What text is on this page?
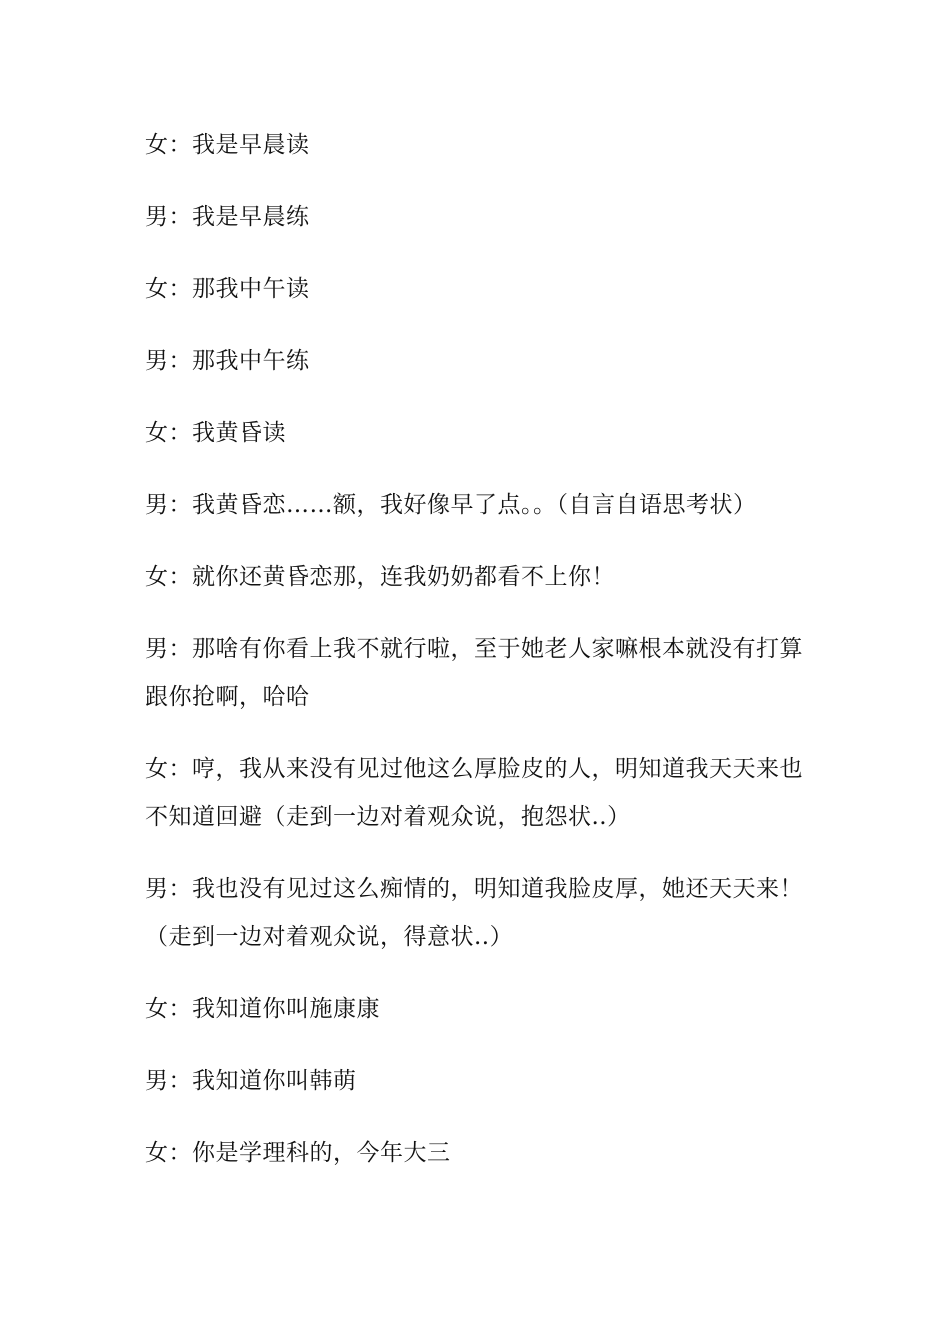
女：我是早晨读

男：我是早晨练

女：那我中午读

男：那我中午练

女：我黄昏读

男：我黄昏恋……额，我好像早了点。。（自言自语思考状）

女：就你还黄昏恋那，连我奶奶都看不上你！

男：那啥有你看上我不就行啦，至于她老人家嘛根本就没有打算
跟你抢啊，哈哈

女：哼，我从来没有见过他这么厚脸皮的人，明知道我天天来也
不知道回避（走到一边对着观众说，抱怨状..）

男：我也没有见过这么痴情的，明知道我脸皮厚，她还天天来！
（走到一边对着观众说，得意状..）

女：我知道你叫施康康

男：我知道你叫韩萌

女：你是学理科的，今年大三
